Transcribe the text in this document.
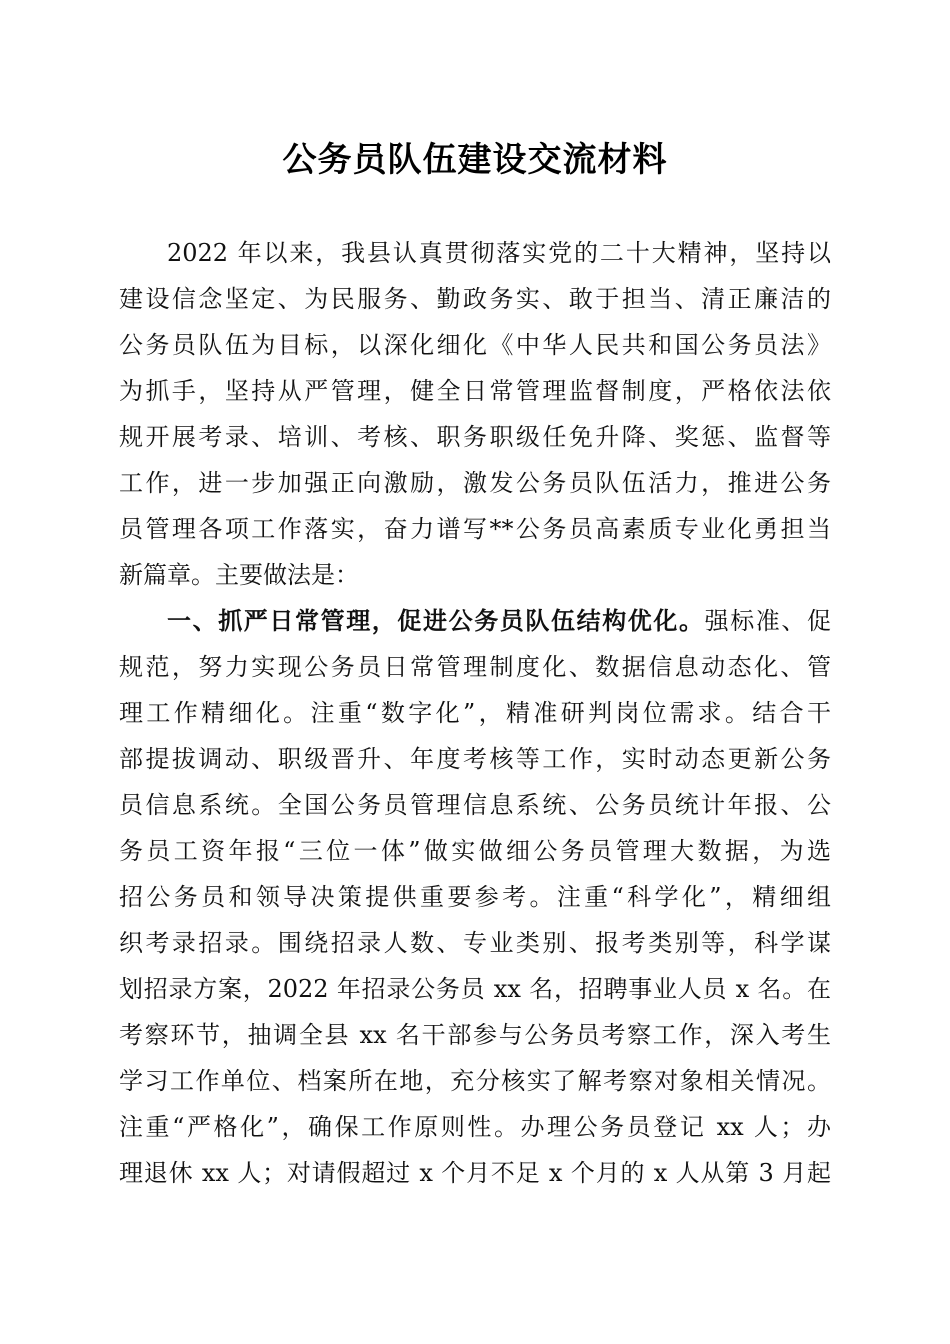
公务员队伍建设交流材料
2022 年以来，我县认真贯彻落实党的二十大精神，坚持以
建设信念坚定、为民服务、勤政务实、敢于担当、清正廉洁的
公务员队伍为目标，以深化细化《中华人民共和国公务员法》
为抓手，坚持从严管理，健全日常管理监督制度，严格依法依
规开展考录、培训、考核、职务职级任免升降、奖惩、监督等
工作，进一步加强正向激励，激发公务员队伍活力，推进公务
员管理各项工作落实，奋力谱写**公务员高素质专业化勇担当
新篇章。主要做法是：
一、抓严日常管理，促进公务员队伍结构优化。强标准、促
规范，努力实现公务员日常管理制度化、数据信息动态化、管
理工作精细化。注重“数字化”，精准研判岗位需求。结合干
部提拔调动、职级晋升、年度考核等工作，实时动态更新公务
员信息系统。全国公务员管理信息系统、公务员统计年报、公
务员工资年报“三位一体”做实做细公务员管理大数据，为选
招公务员和领导决策提供重要参考。注重“科学化”，精细组
织考录招录。围绕招录人数、专业类别、报考类别等，科学谋
划招录方案，2022 年招录公务员 xx 名，招聘事业人员 x 名。在
考察环节，抽调全县 xx 名干部参与公务员考察工作，深入考生
学习工作单位、档案所在地，充分核实了解考察对象相关情况。
注重“严格化”，确保工作原则性。办理公务员登记 xx 人；办
理退休 xx 人；对请假超过 x 个月不足 x 个月的 x 人从第 3 月起
